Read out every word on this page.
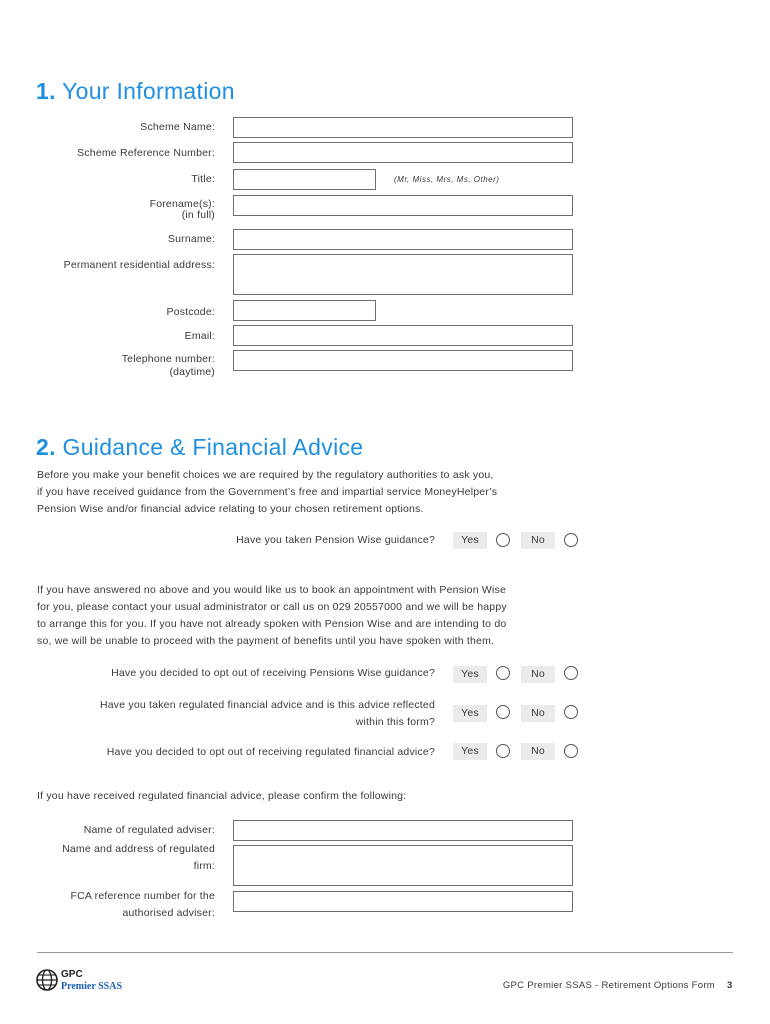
1. Your Information
Scheme Name:
Scheme Reference Number:
Title:	(Mr, Miss, Mrs, Ms, Other)
Forename(s):
(in full)
Surname:
Permanent residential address:
Postcode:
Email:
Telephone number:
(daytime)
2. Guidance & Financial Advice
Before you make your benefit choices we are required by the regulatory authorities to ask you,
if you have received guidance from the Government’s free and impartial service MoneyHelper’s
Pension Wise and/or financial advice relating to your chosen retirement options.
Have you taken Pension Wise guidance?	Yes	No
If you have answered no above and you would like us to book an appointment with Pension Wise
for you, please contact your usual administrator or call us on 029 20557000 and we will be happy
to arrange this for you. If you have not already spoken with Pension Wise and are intending to do
so, we will be unable to proceed with the payment of benefits until you have spoken with them.
Have you decided to opt out of receiving Pensions Wise guidance?	Yes	No
Have you taken regulated financial advice and is this advice reflected
within this form?
Yes	No
Have you decided to opt out of receiving regulated financial advice?	Yes	No
If you have received regulated financial advice, please confirm the following:
Name of regulated adviser:
Name and address of regulated
firm:
FCA reference number for the
authorised adviser:
GPC
Premier SSAS	GPC Premier SSAS - Retirement Options Form 3
